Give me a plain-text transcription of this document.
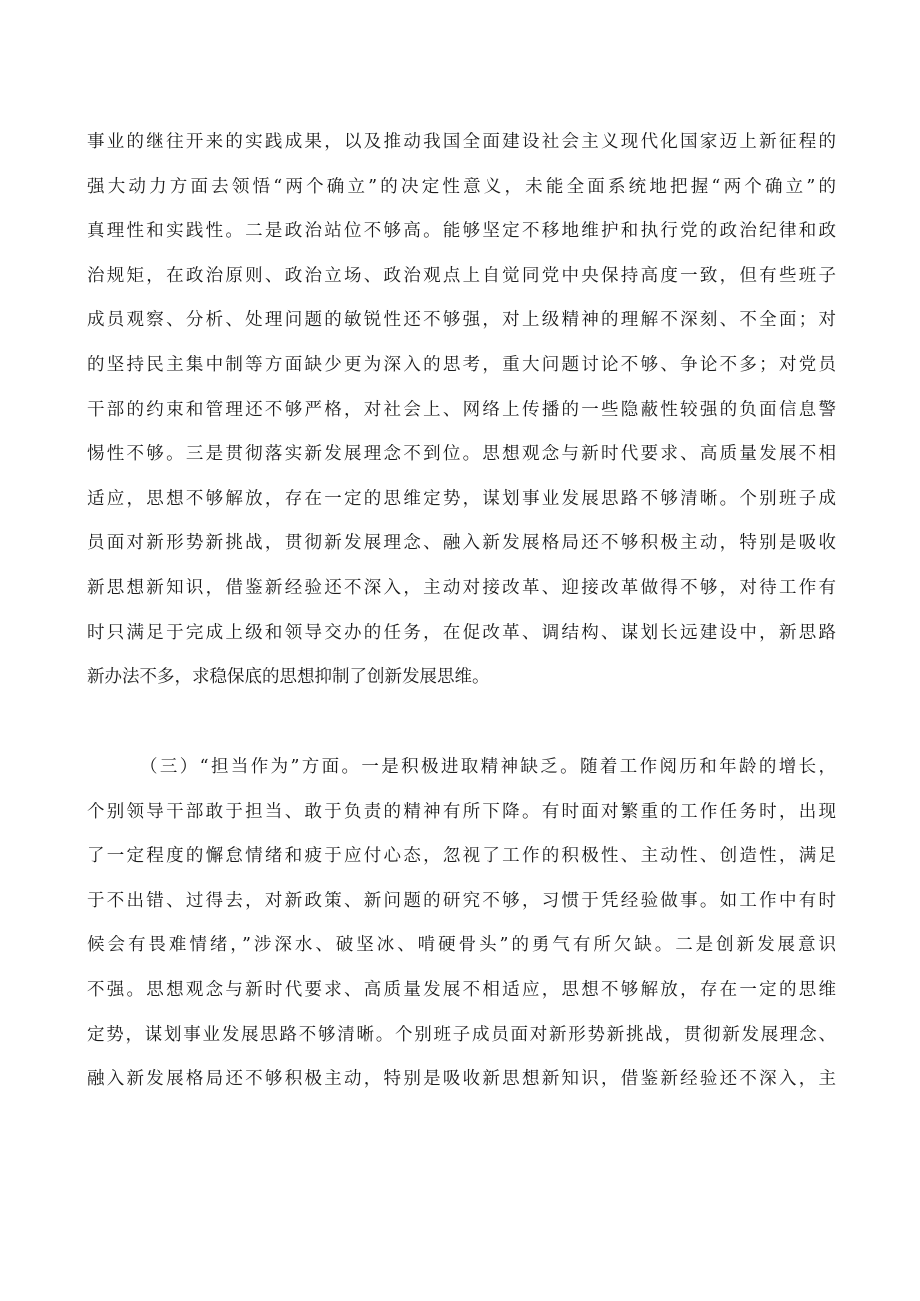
事业的继往开来的实践成果，以及推动我国全面建设社会主义现代化国家迈上新征程的
强大动力方面去领悟“两个确立”的决定性意义，未能全面系统地把握“两个确立”的
真理性和实践性。二是政治站位不够高。能够坚定不移地维护和执行党的政治纪律和政
治规矩，在政治原则、政治立场、政治观点上自觉同党中央保持高度一致，但有些班子
成员观察、分析、处理问题的敏锐性还不够强，对上级精神的理解不深刻、不全面；对
的坚持民主集中制等方面缺少更为深入的思考，重大问题讨论不够、争论不多；对党员
干部的约束和管理还不够严格，对社会上、网络上传播的一些隐蔽性较强的负面信息警
惕性不够。三是贯彻落实新发展理念不到位。思想观念与新时代要求、高质量发展不相
适应，思想不够解放，存在一定的思维定势，谋划事业发展思路不够清晰。个别班子成
员面对新形势新挑战，贯彻新发展理念、融入新发展格局还不够积极主动，特别是吸收
新思想新知识，借鉴新经验还不深入，主动对接改革、迎接改革做得不够，对待工作有
时只满足于完成上级和领导交办的任务，在促改革、调结构、谋划长远建设中，新思路
新办法不多，求稳保底的思想抑制了创新发展思维。
（三）“担当作为”方面。一是积极进取精神缺乏。随着工作阅历和年龄的增长，
个别领导干部敢于担当、敢于负责的精神有所下降。有时面对繁重的工作任务时，出现
了一定程度的懈怠情绪和疲于应付心态，忽视了工作的积极性、主动性、创造性，满足
于不出错、过得去，对新政策、新问题的研究不够，习惯于凭经验做事。如工作中有时
候会有畏难情绪，”涉深水、破坚冰、啃硬骨头”的勇气有所欠缺。二是创新发展意识
不强。思想观念与新时代要求、高质量发展不相适应，思想不够解放，存在一定的思维
定势，谋划事业发展思路不够清晰。个别班子成员面对新形势新挑战，贯彻新发展理念、
融入新发展格局还不够积极主动，特别是吸收新思想新知识，借鉴新经验还不深入，主
